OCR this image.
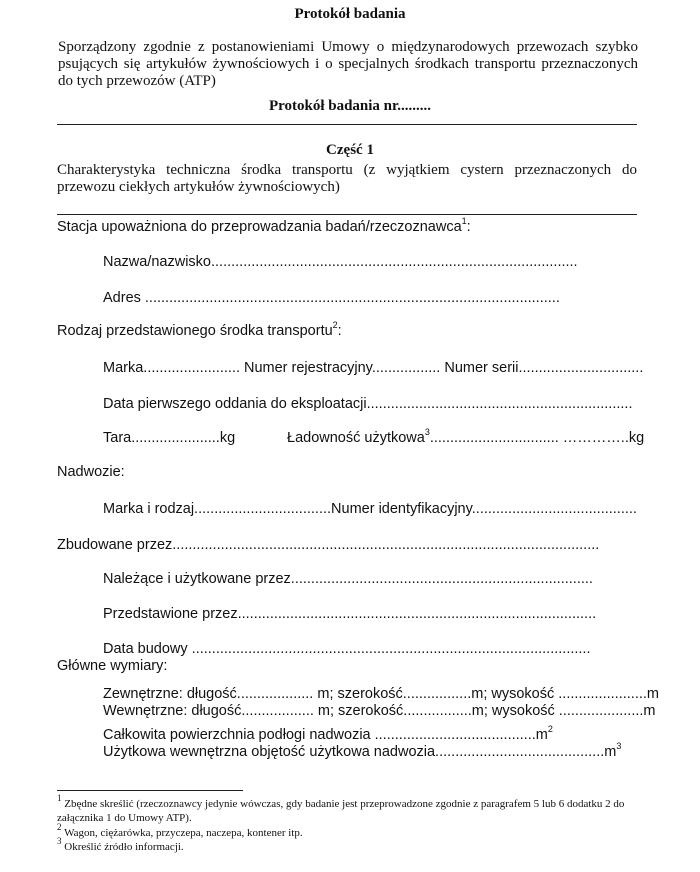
Protokół badania
Sporządzony zgodnie z postanowieniami Umowy o międzynarodowych przewozach szybko psujących się artykułów żywnościowych i o specjalnych środkach transportu przeznaczonych do tych przewozów (ATP)
Protokół badania nr.........
Część 1
Charakterystyka techniczna środka transportu (z wyjątkiem cystern przeznaczonych do przewozu ciekłych artykułów żywnościowych)
Stacja upoważniona do przeprowadzania badań/rzeczoznawca$^1$:
Nazwa/nazwisko...........................................................................................
Adres .......................................................................................................
Rodzaj przedstawionego środka transportu$^2$:
Marka........................ Numer rejestracyjny................. Numer serii...............................
Data pierwszego oddania do eksploatacji..................................................................
Tara......................kg	Ładowność użytkowa$^3$................................ …………..kg
Nadwozie:
Marka i rodzaj..................................Numer identyfikacyjny.........................................
Zbudowane przez..........................................................................................................
Należące i użytkowane przez...........................................................................
Przedstawione przez.........................................................................................
Data budowy ...................................................................................................
Główne wymiary:
Zewnętrzne: długość................... m; szerokość.................m; wysokość ......................m
Wewnętrzne: długość.................. m; szerokość.................m; wysokość .....................m
Całkowita powierzchnia podłogi nadwozia $........................................m^2$
Użytkowa wewnętrzna objętość użytkowa $nadwozia..........................................m^3$
$^1$ Zbędne skreślić (rzeczoznawcy jedynie wówczas, gdy badanie jest przeprowadzone zgodnie z paragrafem 5 lub 6 dodatku 2 do załącznika 1 do Umowy ATP).
$^2$ Wagon, ciężarówka, przyczepa, naczepa, kontener itp.
$^3$ Określić źródło informacji.
